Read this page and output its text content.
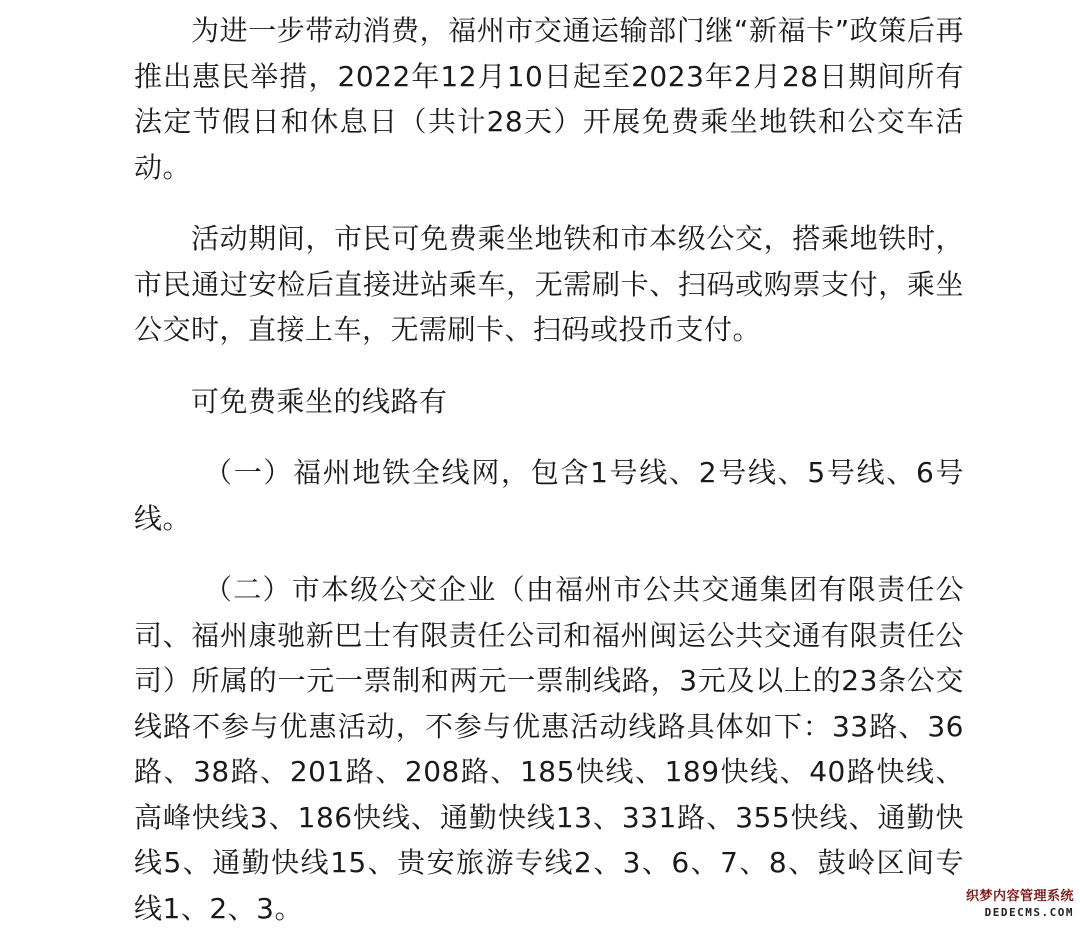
为进一步带动消费，福州市交通运输部门继“新福卡”政策后再推出惠民举措，2022年12月10日起至2023年2月28日期间所有法定节假日和休息日（共计28天）开展免费乘坐地铁和公交车活动。

活动期间，市民可免费乘坐地铁和市本级公交，搭乘地铁时，市民通过安检后直接进站乘车，无需刷卡、扫码或购票支付，乘坐公交时，直接上车，无需刷卡、扫码或投币支付。

可免费乘坐的线路有

（一）福州地铁全线网，包含1号线、2号线、5号线、6号线。

（二）市本级公交企业（由福州市公共交通集团有限责任公司、福州康驰新巴士有限责任公司和福州闽运公共交通有限责任公司）所属的一元一票制和两元一票制线路，3元及以上的23条公交线路不参与优惠活动，不参与优惠活动线路具体如下：33路、36路、38路、201路、208路、185快线、189快线、40路快线、高峰快线3、186快线、通勤快线13、331路、355快线、通勤快线5、通勤快线15、贵安旅游专线2、3、6、7、8、鼓岭区间专线1、2、3。	织梦内容管理系统
DEDECMS.COM
